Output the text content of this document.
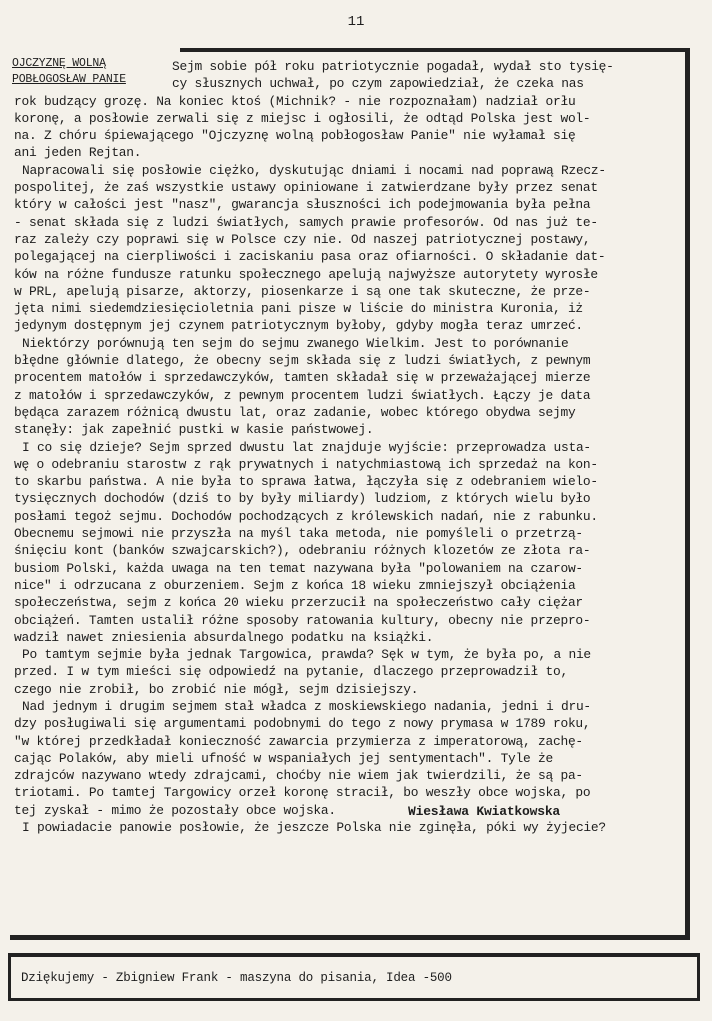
11
OJCZYZNĘ WOLNĄ
POBŁOGOSŁAW PANIE

Sejm sobie pół roku patriotycznie pogadał, wydał sto tysię-
cy słusznych uchwał, po czym zapowiedział, że czeka nas
rok budzący grozę. Na koniec ktoś (Michnik? - nie rozpoznałam) nadział orłu
koronę, a posłowie zerwali się z miejsc i ogłosili, że odtąd Polska jest wol-
na. Z chóru śpiewającego "Ojczyznę wolną pobłogosław Panie" nie wyłamał się
ani jeden Rejtan.

Napracowali się posłowie ciężko, dyskutując dniami i nocami nad poprawą Rzecz-
pospolitej, że zaś wszystkie ustawy opiniowane i zatwierdzane były przez senat
który w całości jest "nasz", gwarancja słuszności ich podejmowania była pełna
- senat składa się z ludzi światłych, samych prawie profesorów. Od nas już te-
raz zależy czy poprawi się w Polsce czy nie. Od naszej patriotycznej postawy,
polegającej na cierpliwości i zaciskaniu pasa oraz ofiarności. O składanie dat-
ków na różne fundusze ratunku społecznego apelują najwyższe autorytety wyrosłe
w PRL, apelują pisarze, aktorzy, piosenkarze i są one tak skuteczne, że prze-
jęta nimi siedemdziesięcioletnia pani pisze w liście do ministra Kuronia, iż
jedynym dostępnym jej czynem patriotycznym byłoby, gdyby mogła teraz umrzeć.

Niektórzy porównują ten sejm do sejmu zwanego Wielkim. Jest to porównanie
błędne głównie dlatego, że obecny sejm składa się z ludzi światłych, z pewnym
procentem matołów i sprzedawczyków, tamten składał się w przeważającej mierze
z matołów i sprzedawczyków, z pewnym procentem ludzi światłych. Łączy je data
będąca zarazem różnicą dwustu lat, oraz zadanie, wobec którego obydwa sejmy
stanęły: jak zapełnić pustki w kasie państwowej.

I co się dzieje? Sejm sprzed dwustu lat znajduje wyjście: przeprowadza usta-
wę o odebraniu starostw z rąk prywatnych i natychmiastową ich sprzedaż na kon-
to skarbu państwa. A nie była to sprawa łatwa, łączyła się z odebraniem wielo-
tysięcznych dochodów (dziś to by były miliardy) ludziom, z których wielu było
posłami tegoż sejmu. Dochodów pochodzących z królewskich nadań, nie z rabunku.
Obecnemu sejmowi nie przyszła na myśl taka metoda, nie pomyśleli o przetrzą-
śnięciu kont (banków szwajcarskich?), odebraniu różnych klozetów ze złota ra-
busiom Polski, każda uwaga na ten temat nazywana była "polowaniem na czarow-
nice" i odrzucana z oburzeniem. Sejm z końca 18 wieku zmniejszył obciążenia
społeczeństwa, sejm z końca 20 wieku przerzucił na społeczeństwo cały ciężar
obciążeń. Tamten ustalił różne sposoby ratowania kultury, obecny nie przepro-
wadził nawet zniesienia absurdalnego podatku na książki.

Po tamtym sejmie była jednak Targowica, prawda? Sęk w tym, że była po, a nie
przed. I w tym mieści się odpowiedź na pytanie, dlaczego przeprowadził to,
czego nie zrobił, bo zrobić nie mógł, sejm dzisiejszy.

Nad jednym i drugim sejmem stał władca z moskiewskiego nadania, jedni i dru-
dzy posługiwali się argumentami podobnymi do tego z nowy prymasa w 1789 roku,
"w której przedkładał konieczność zawarcia przymierza z imperatorową, zachę-
cając Polaków, aby mieli ufność w wspaniałych jej sentymentach". Tyle że
zdrajców nazywano wtedy zdrajcami, choćby nie wiem jak twierdzili, że są pa-
triotami. Po tamtej Targowicy orzeł koronę stracił, bo weszły obce wojska, po
tej zyskał - mimo że pozostały obce wojska.

I powiadacie panowie posłowie, że jeszcze Polska nie zginęła, póki wy żyjecie?

Wiesława Kwiatkowska
Dziękujemy - Zbigniew Frank - maszyna do pisania, Idea -500
